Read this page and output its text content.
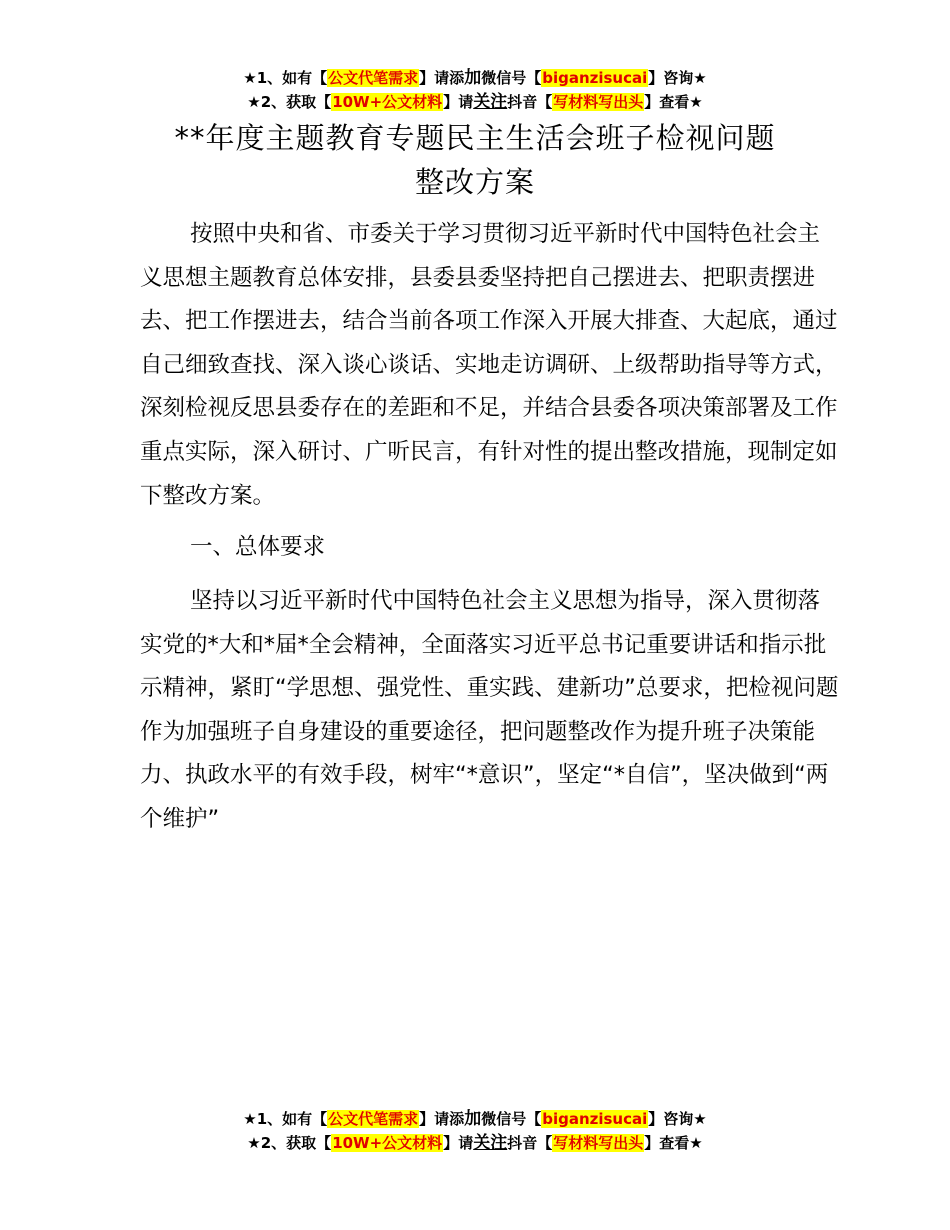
★1、如有【公文代笔需求】请添加微信号【biganzisucai】咨询★
★2、获取【10W+公文材料】请关注抖音【写材料写出头】查看★
**年度主题教育专题民主生活会班子检视问题
整改方案

按照中央和省、市委关于学习贯彻习近平新时代中国特色社会主义思想主题教育总体安排，县委县委坚持把自己摆进去、把职责摆进去、把工作摆进去，结合当前各项工作深入开展大排查、大起底，通过自己细致查找、深入谈心谈话、实地走访调研、上级帮助指导等方式，深刻检视反思县委存在的差距和不足，并结合县委各项决策部署及工作重点实际，深入研讨、广听民言，有针对性的提出整改措施，现制定如下整改方案。

一、总体要求

坚持以习近平新时代中国特色社会主义思想为指导，深入贯彻落实党的*大和*届*全会精神，全面落实习近平总书记重要讲话和指示批示精神，紧盯“学思想、强党性、重实践、建新功”总要求，把检视问题作为加强班子自身建设的重要途径，把问题整改作为提升班子决策能力、执政水平的有效手段，树牢“*意识”，坚定“*自信”，坚决做到“两个维护”

★1、如有【公文代笔需求】请添加微信号【biganzisucai】咨询★
★2、获取【10W+公文材料】请关注抖音【写材料写出头】查看★
